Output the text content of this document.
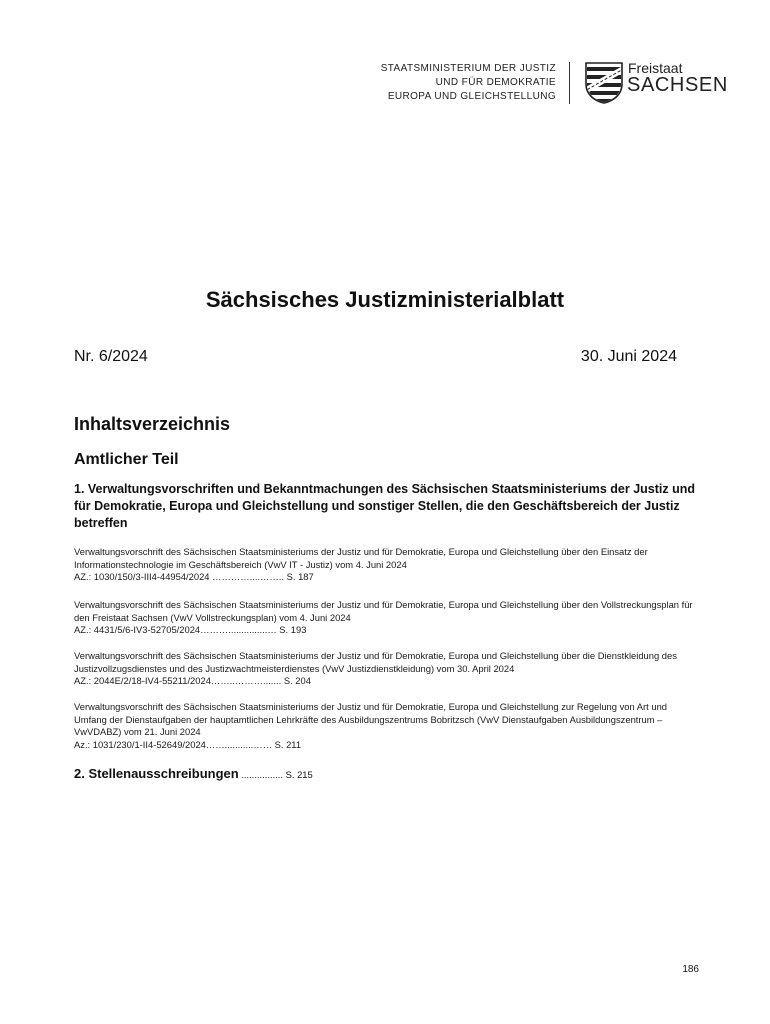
STAATSMINISTERIUM DER JUSTIZ
UND FÜR DEMOKRATIE
EUROPA UND GLEICHSTELLUNG
Freistaat
SACHSEN
Sächsisches Justizministerialblatt
Nr. 6/2024	30. Juni 2024
Inhaltsverzeichnis
Amtlicher Teil

1. Verwaltungsvorschriften und Bekanntmachungen des Sächsischen Staatsministeriums der Justiz und für Demokratie, Europa und Gleichstellung und sonstiger Stellen, die den Geschäftsbereich der Justiz betreffen

Verwaltungsvorschrift des Sächsischen Staatsministeriums der Justiz und für Demokratie, Europa und Gleichstellung über den Einsatz der Informationstechnologie im Geschäftsbereich (VwV IT - Justiz) vom 4. Juni 2024
AZ.: 1030/150/3-III4-44954/2024 …………....…….. S. 187
Verwaltungsvorschrift des Sächsischen Staatsministeriums der Justiz und für Demokratie, Europa und Gleichstellung über den Vollstreckungsplan für den Freistaat Sachsen (VwV Vollstreckungsplan) vom 4. Juni 2024
AZ.: 4431/5/6-IV3-52705/2024………...............… S. 193
Verwaltungsvorschrift des Sächsischen Staatsministeriums der Justiz und für Demokratie, Europa und Gleichstellung über die Dienstkleidung des Justizvollzugsdienstes und des Justizwachtmeisterdienstes (VwV Justizdienstkleidung) vom 30. April 2024
AZ.: 2044E/2/18-IV4-55211/2024……..………....... S. 204
Verwaltungsvorschrift des Sächsischen Staatsministeriums der Justiz und für Demokratie, Europa und Gleichstellung zur Regelung von Art und Umfang der Dienstaufgaben der hauptamtlichen Lehrkräfte des Ausbildungszentrums Bobritzsch (VwV Dienstaufgaben Ausbildungszentrum – VwVDABZ) vom 21. Juni 2024
Az.: 1031/230/1-II4-52649/2024……...........…… S. 211
2. Stellenausschreibungen ................ S. 215
186
